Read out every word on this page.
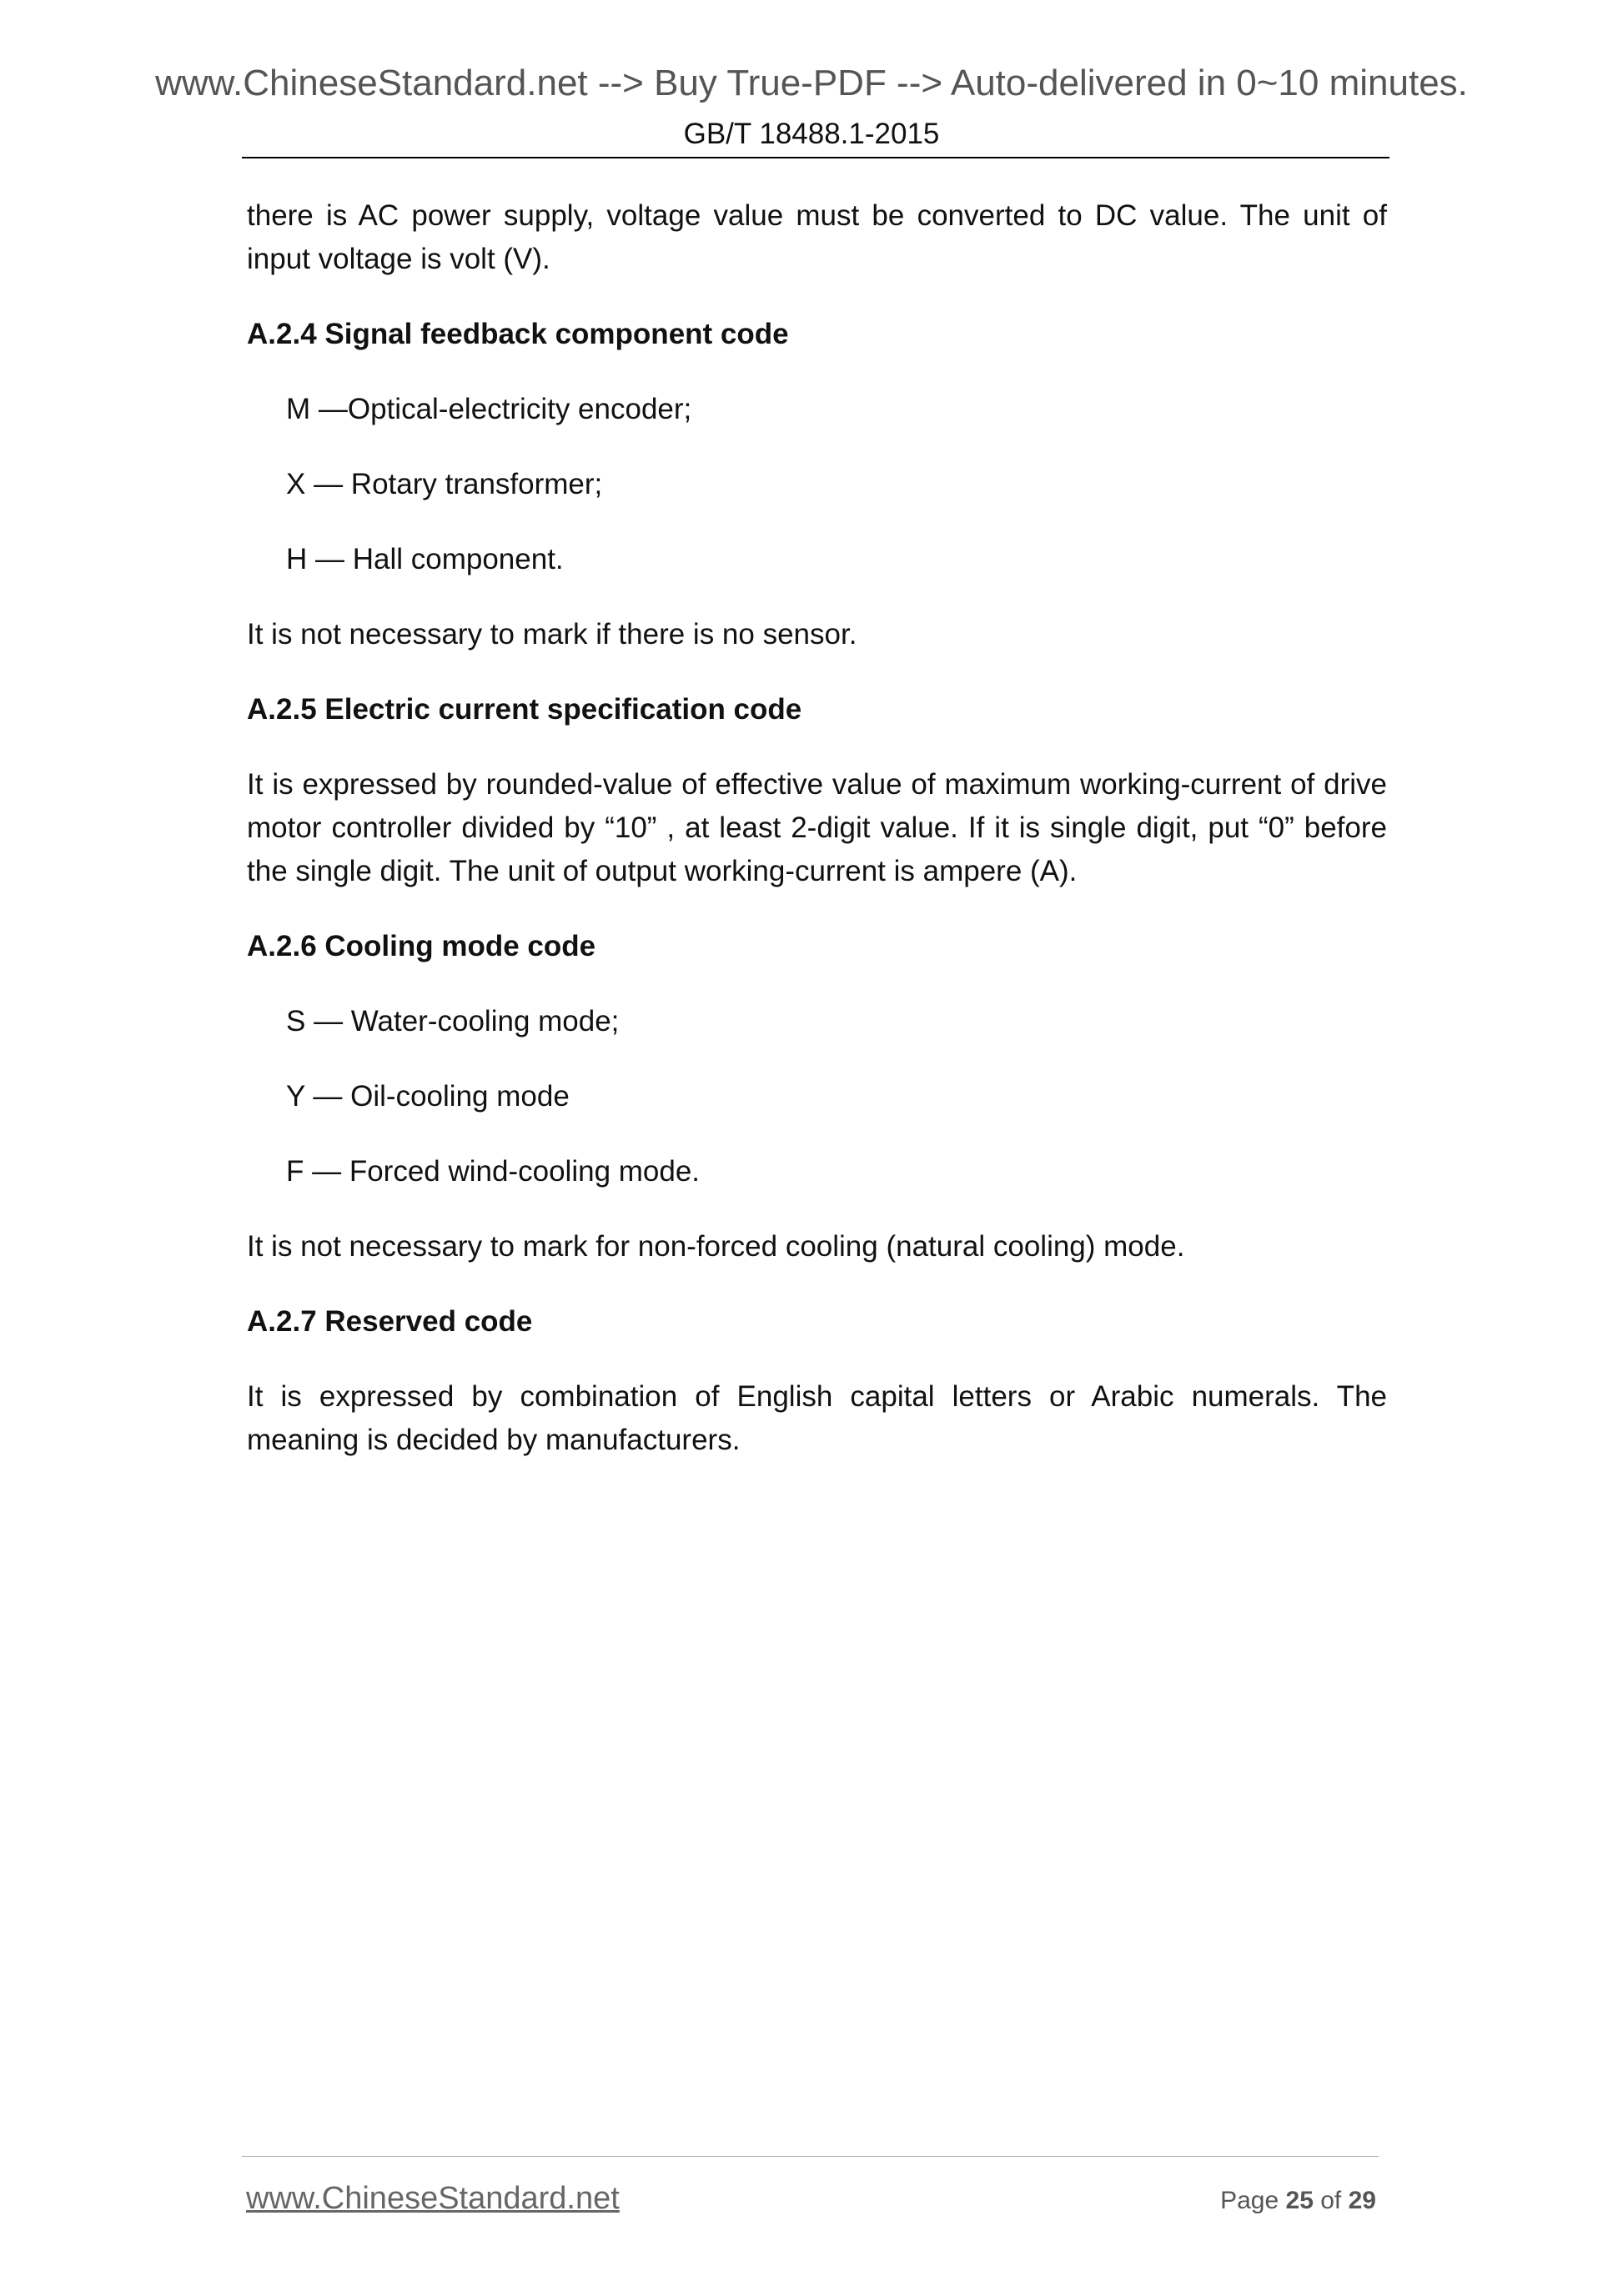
www.ChineseStandard.net --> Buy True-PDF --> Auto-delivered in 0~10 minutes.
GB/T 18488.1-2015

there is AC power supply, voltage value must be converted to DC value. The unit of input voltage is volt (V).

A.2.4 Signal feedback component code

M —Optical-electricity encoder;

X — Rotary transformer;

H — Hall component.

It is not necessary to mark if there is no sensor.

A.2.5 Electric current specification code

It is expressed by rounded-value of effective value of maximum working-current of drive motor controller divided by “10” , at least 2-digit value. If it is single digit, put “0” before the single digit. The unit of output working-current is ampere (A).

A.2.6 Cooling mode code

S — Water-cooling mode;

Y — Oil-cooling mode

F — Forced wind-cooling mode.

It is not necessary to mark for non-forced cooling (natural cooling) mode.

A.2.7 Reserved code

It is expressed by combination of English capital letters or Arabic numerals. The meaning is decided by manufacturers.

www.ChineseStandard.net	Page 25 of 29
